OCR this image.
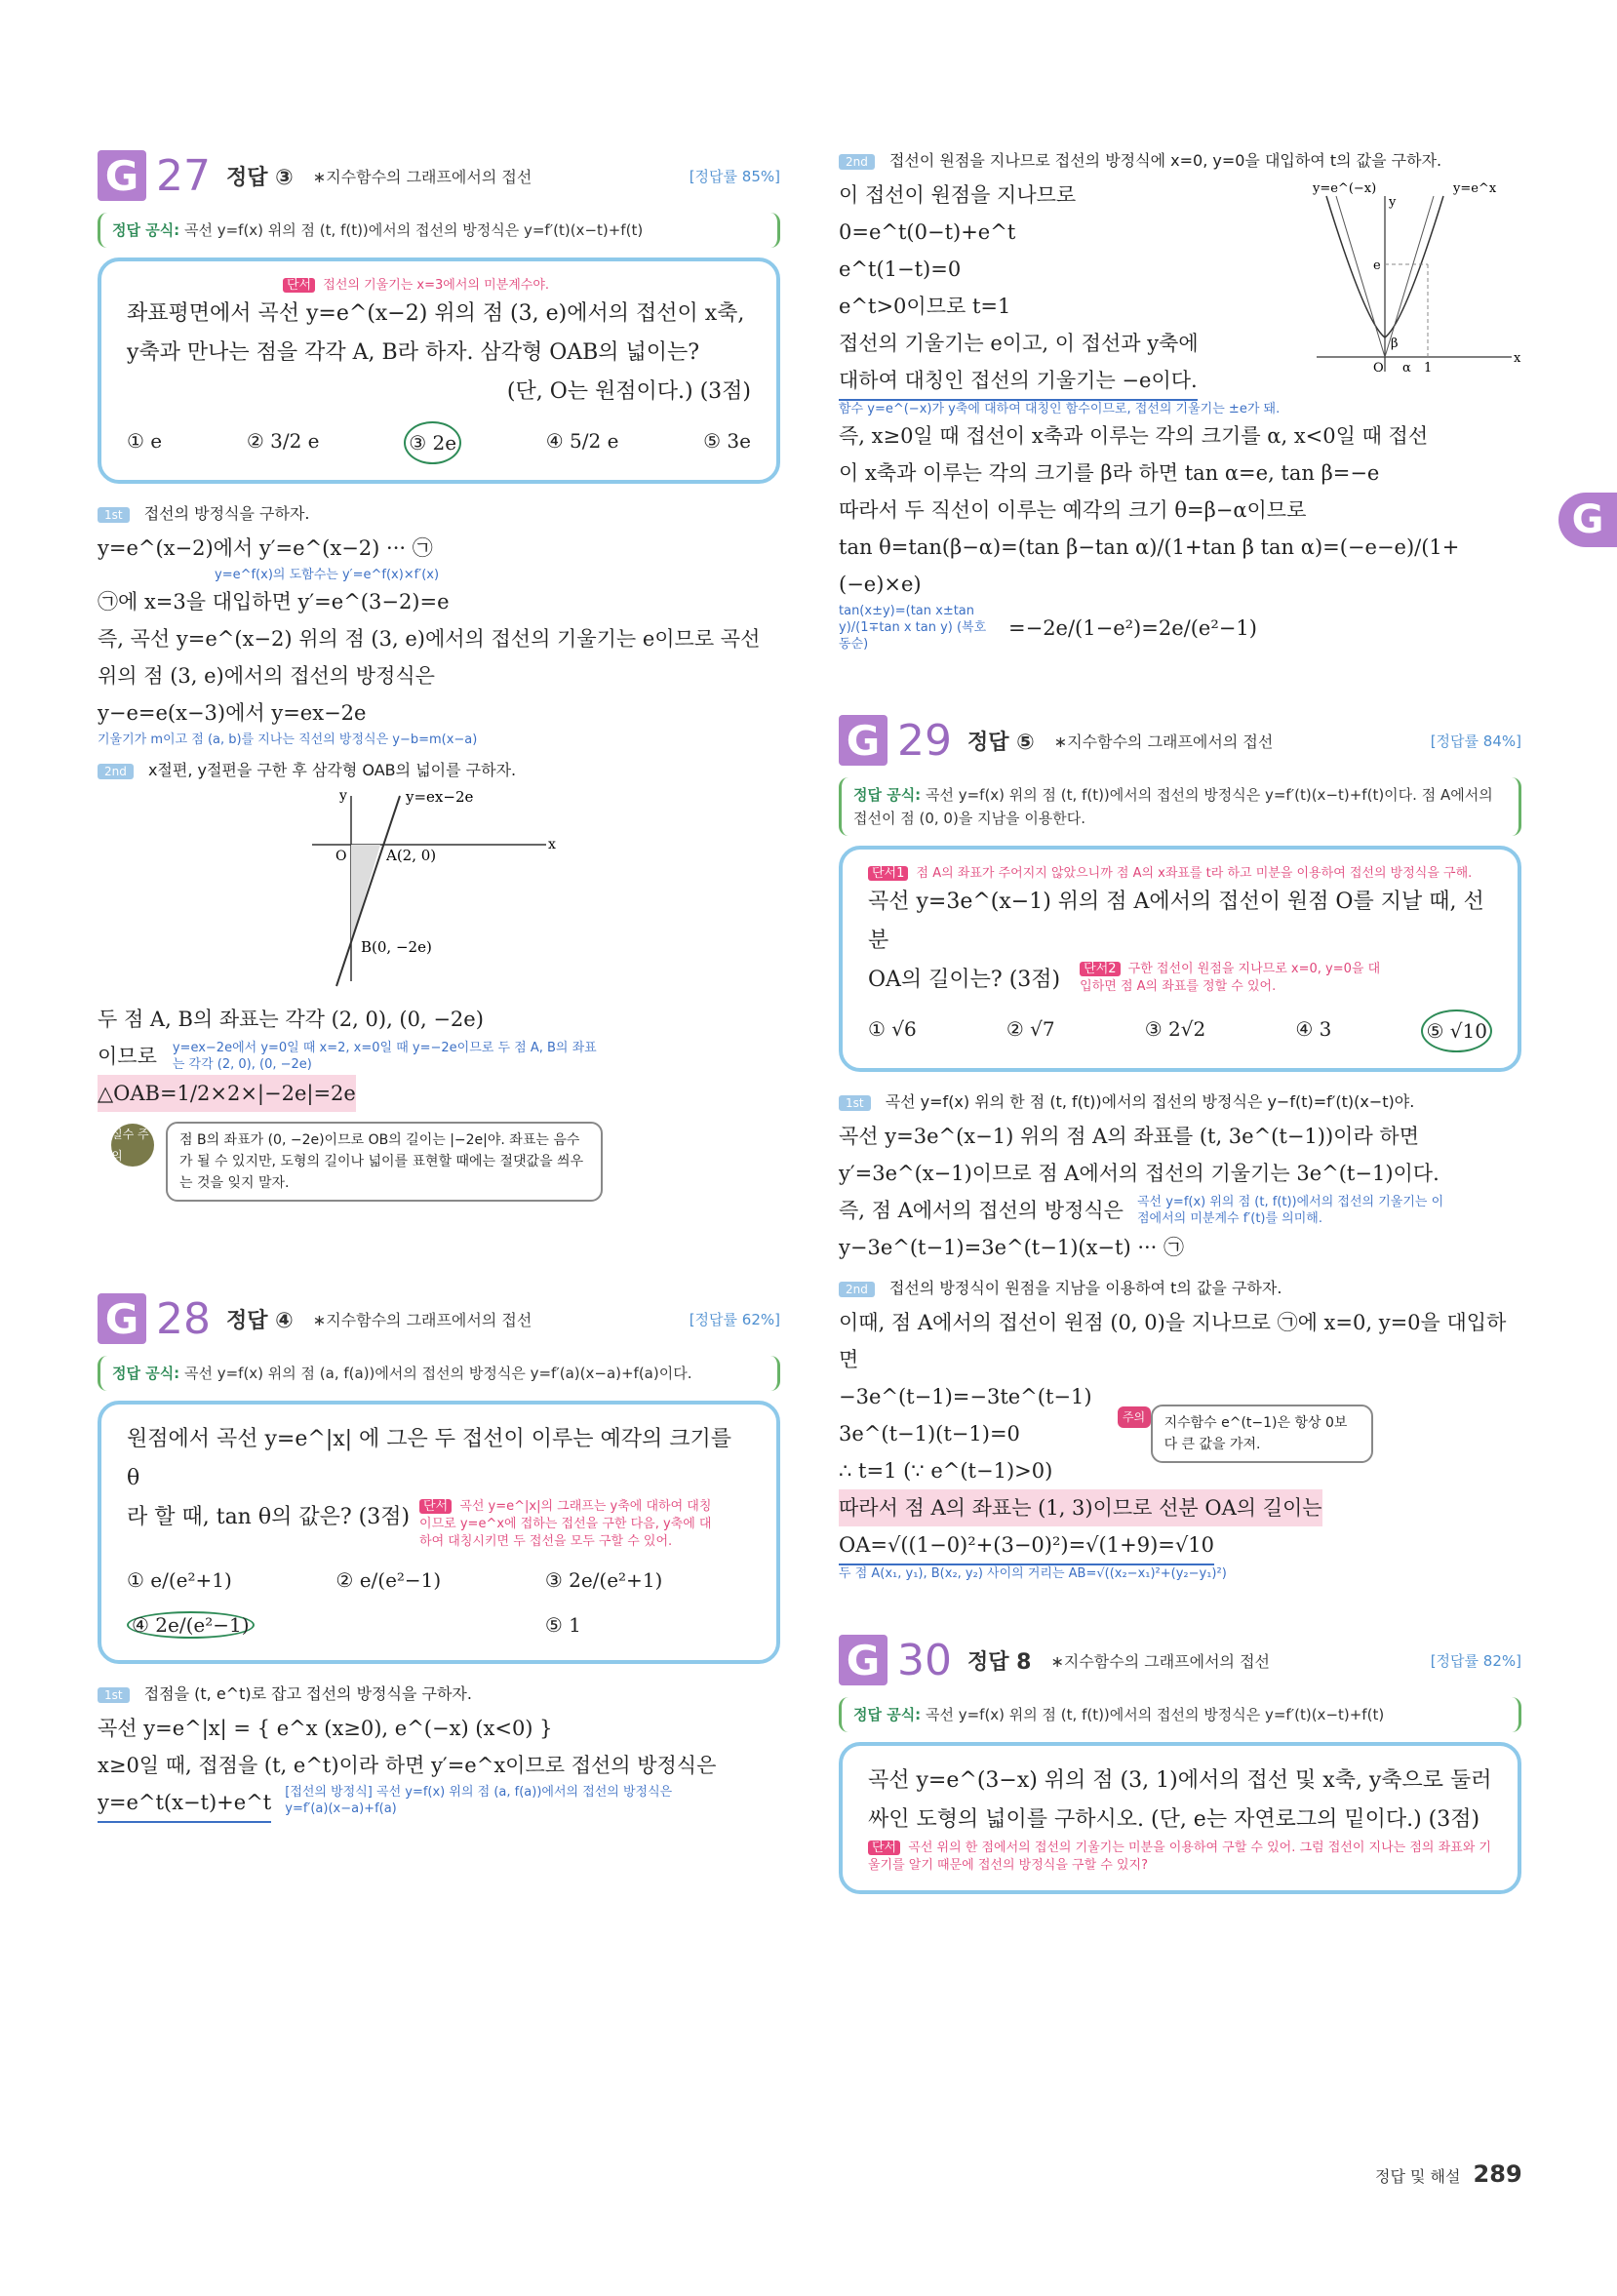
G 27 정답 ③ ∗지수함수의 그래프에서의 접선	[정답률 85%]
정답 공식: 곡선 y=f(x) 위의 점 (t, f(t))에서의 접선의 방정식은 y=f′(t)(x−t)+f(t)
단서 접선의 기울기는 x=3에서의 미분계수야.
좌표평면에서 곡선 y=e^(x−2) 위의 점 (3, e)에서의 접선이 x축,
y축과 만나는 점을 각각 A, B라 하자. 삼각형 OAB의 넓이는?
(단, O는 원점이다.) (3점)
① e	② 3/2 e	③ 2e	④ 5/2 e	⑤ 3e
1st 접선의 방정식을 구하자.
y=e^(x−2)에서 y′=e^(x−2) ··· ㉠
y=e^f(x)의 도함수는 y′=e^f(x)×f′(x)
㉠에 x=3을 대입하면 y′=e^(3−2)=e
즉, 곡선 y=e^(x−2) 위의 점 (3, e)에서의 접선의 기울기는 e이므로 곡선
위의 점 (3, e)에서의 접선의 방정식은
y−e=e(x−3)에서 y=ex−2e
기울기가 m이고 점 (a, b)를 지나는 직선의 방정식은 y−b=m(x−a)
2nd x절편, y절편을 구한 후 삼각형 OAB의 넓이를 구하자.
y=ex−2e
y
x
O	A(2, 0)
B(0, −2e)
두 점 A, B의 좌표는 각각 (2, 0), (0, −2e)
이므로 y=ex−2e에서 y=0일 때 x=2, x=0일 때 y=−2e이므로 두 점 A, B의 좌표는 각각 (2, 0), (0, −2e)
△OAB=1/2×2×|−2e|=2e
실수 주의
점 B의 좌표가 (0, −2e)이므로 OB의 길이는 |−2e|야. 좌표는 음수가 될 수 있지만, 도형의 길이나 넓이를 표현할 때에는 절댓값을 씌우는 것을 잊지 말자.
G 28 정답 ④ ∗지수함수의 그래프에서의 접선	[정답률 62%]
정답 공식: 곡선 y=f(x) 위의 점 (a, f(a))에서의 접선의 방정식은 y=f′(a)(x−a)+f(a)이다.
원점에서 곡선 y=e^|x| 에 그은 두 접선이 이루는 예각의 크기를 θ
라 할 때, tan θ의 값은? (3점)	단서 곡선 y=e^|x|의 그래프는 y축에 대하여 대칭이므로 y=e^x에 접하는 접선을 구한 다음, y축에 대하여 대칭시키면 두 접선을 모두 구할 수 있어.
① e/(e²+1)	② e/(e²−1)	③ 2e/(e²+1)
④ 2e/(e²−1)	⑤ 1
1st 접점을 (t, e^t)로 잡고 접선의 방정식을 구하자.
곡선 y=e^|x| = { e^x (x≥0), e^(−x) (x<0) }
x≥0일 때, 접점을 (t, e^t)이라 하면 y′=e^x이므로 접선의 방정식은
y=e^t(x−t)+e^t [접선의 방정식] 곡선 y=f(x) 위의 점 (a, f(a))에서의 접선의 방정식은 y=f′(a)(x−a)+f(a)
2nd 접선이 원점을 지나므로 접선의 방정식에 x=0, y=0을 대입하여 t의 값을 구하자.
이 접선이 원점을 지나므로
0=e^t(0−t)+e^t
e^t(1−t)=0
e^t>0이므로 t=1
접선의 기울기는 e이고, 이 접선과 y축에
대하여 대칭인 접선의 기울기는 −e이다.
y=e^(−x)	y=e^x
y
x
e
O	1
α
β
함수 y=e^(−x)가 y축에 대하여 대칭인 함수이므로, 접선의 기울기는 ±e가 돼.
즉, x≥0일 때 접선이 x축과 이루는 각의 크기를 α, x<0일 때 접선
이 x축과 이루는 각의 크기를 β라 하면 tan α=e, tan β=−e
따라서 두 직선이 이루는 예각의 크기 θ=β−α이므로
tan θ=tan(β−α)=(tan β−tan α)/(1+tan β tan α)=(−e−e)/(1+(−e)×e)
tan(x±y)=(tan x±tan y)/(1∓tan x tan y) (복호동순)
=−2e/(1−e²)=2e/(e²−1)
G 29 정답 ⑤ ∗지수함수의 그래프에서의 접선	[정답률 84%]
정답 공식: 곡선 y=f(x) 위의 점 (t, f(t))에서의 접선의 방정식은 y=f′(t)(x−t)+f(t)이다. 점 A에서의 접선이 점 (0, 0)을 지남을 이용한다.
단서1 점 A의 좌표가 주어지지 않았으니까 점 A의 x좌표를 t라 하고 미분을 이용하여 접선의 방정식을 구해.
곡선 y=3e^(x−1) 위의 점 A에서의 접선이 원점 O를 지날 때, 선분
OA의 길이는? (3점)	단서2 구한 접선이 원점을 지나므로 x=0, y=0을 대입하면 점 A의 좌표를 정할 수 있어.
① √6	② √7	③ 2√2	④ 3	⑤ √10
1st 곡선 y=f(x) 위의 한 점 (t, f(t))에서의 접선의 방정식은 y−f(t)=f′(t)(x−t)야.
곡선 y=3e^(x−1) 위의 점 A의 좌표를 (t, 3e^(t−1))이라 하면
y′=3e^(x−1)이므로 점 A에서의 접선의 기울기는 3e^(t−1)이다.
즉, 점 A에서의 접선의 방정식은 곡선 y=f(x) 위의 점 (t, f(t))에서의 접선의 기울기는 이 점에서의 미분계수 f′(t)를 의미해.
y−3e^(t−1)=3e^(t−1)(x−t) ··· ㉠
2nd 접선의 방정식이 원점을 지남을 이용하여 t의 값을 구하자.
이때, 점 A에서의 접선이 원점 (0, 0)을 지나므로 ㉠에 x=0, y=0을 대입하면
−3e^(t−1)=−3te^(t−1)
3e^(t−1)(t−1)=0
∴ t=1 (∵ e^(t−1)>0)
주의	지수함수 e^(t−1)은 항상 0보다 큰 값을 가져.
따라서 점 A의 좌표는 (1, 3)이므로 선분 OA의 길이는 OA=√((1−0)²+(3−0)²)=√(1+9)=√10
두 점 A(x₁, y₁), B(x₂, y₂) 사이의 거리는 AB=√((x₂−x₁)²+(y₂−y₁)²)
G 30 정답 8 ∗지수함수의 그래프에서의 접선	[정답률 82%]
정답 공식: 곡선 y=f(x) 위의 점 (t, f(t))에서의 접선의 방정식은 y=f′(t)(x−t)+f(t)
곡선 y=e^(3−x) 위의 점 (3, 1)에서의 접선 및 x축, y축으로 둘러
싸인 도형의 넓이를 구하시오. (단, e는 자연로그의 밑이다.) (3점)
단서 곡선 위의 한 점에서의 접선의 기울기는 미분을 이용하여 구할 수 있어. 그럼 접선이 지나는 점의 좌표와 기울기를 알기 때문에 접선의 방정식을 구할 수 있지?
G
정답 및 해설 289
